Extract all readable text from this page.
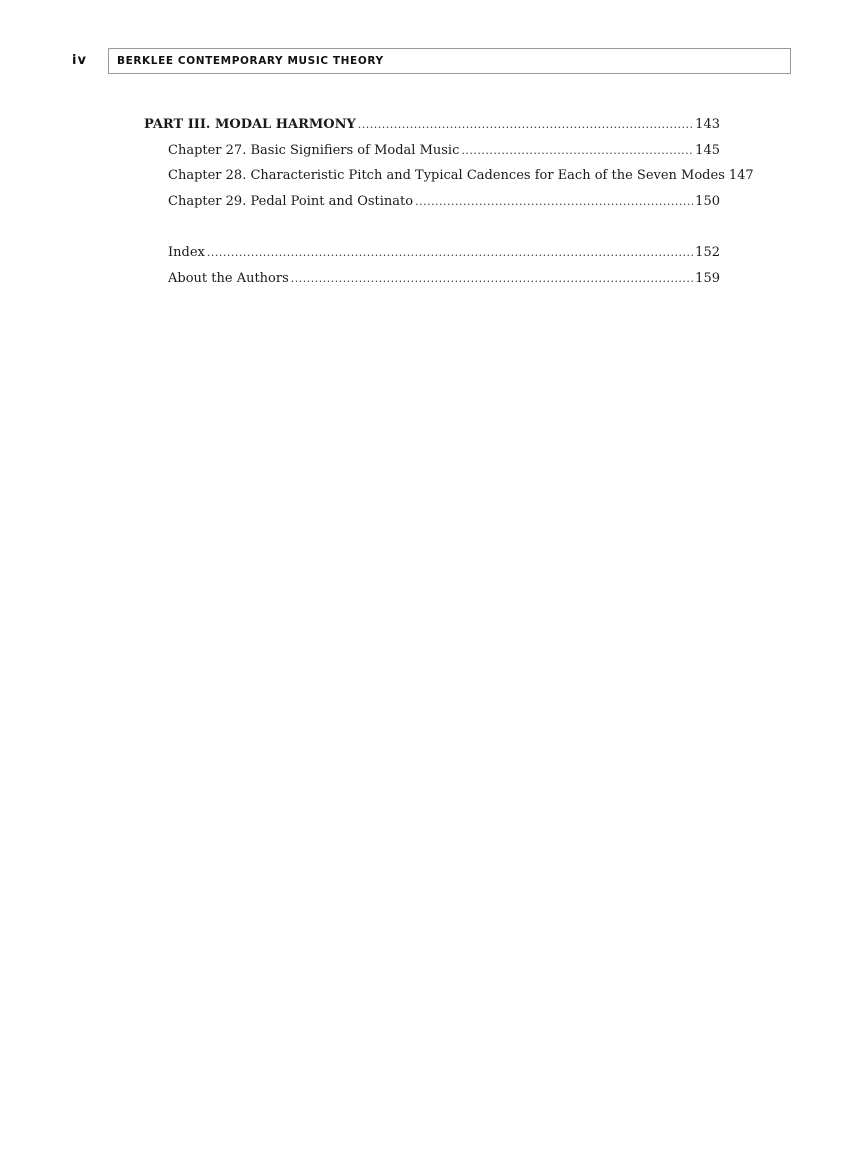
iv	BERKLEE CONTEMPORARY MUSIC THEORY
PART III. MODAL HARMONY .....	143
Chapter 27. Basic Signifiers of Modal Music .....	145
Chapter 28. Characteristic Pitch and Typical Cadences for Each of the Seven Modes 147
Chapter 29. Pedal Point and Ostinato .....	150
Index .....	152
About the Authors .....	159
